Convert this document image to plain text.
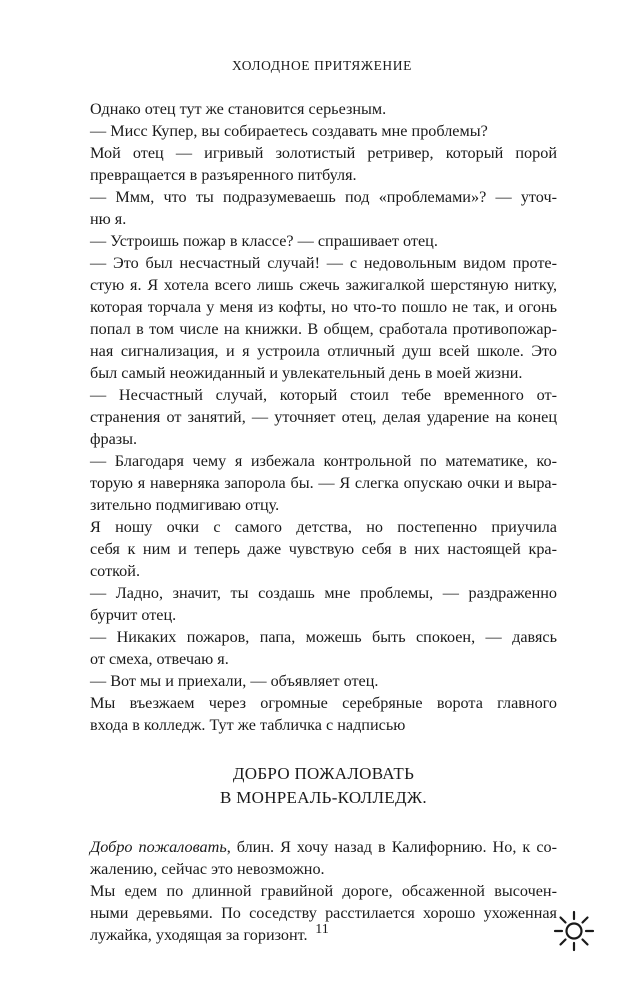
ХОЛОДНОЕ ПРИТЯЖЕНИЕ
Однако отец тут же становится серьезным.
— Мисс Купер, вы собираетесь создавать мне проблемы?
Мой отец — игривый золотистый ретривер, который порой
превращается в разъяренного питбуля.
— Ммм, что ты подразумеваешь под «проблемами»? — уточ-
ню я.
— Устроишь пожар в классе? — спрашивает отец.
— Это был несчастный случай! — с недовольным видом проте-
стую я. Я хотела всего лишь сжечь зажигалкой шерстяную нитку,
которая торчала у меня из кофты, но что-то пошло не так, и огонь
попал в том числе на книжки. В общем, сработала противопожар-
ная сигнализация, и я устроила отличный душ всей школе. Это
был самый неожиданный и увлекательный день в моей жизни.
— Несчастный случай, который стоил тебе временного от-
странения от занятий, — уточняет отец, делая ударение на конец
фразы.
— Благодаря чему я избежала контрольной по математике, ко-
торую я наверняка запорола бы. — Я слегка опускаю очки и выра-
зительно подмигиваю отцу.
Я ношу очки с самого детства, но постепенно приучила
себя к ним и теперь даже чувствую себя в них настоящей кра-
соткой.
— Ладно, значит, ты создашь мне проблемы, — раздраженно
бурчит отец.
— Никаких пожаров, папа, можешь быть спокоен, — давясь
от смеха, отвечаю я.
— Вот мы и приехали, — объявляет отец.
Мы въезжаем через огромные серебряные ворота главного
входа в колледж. Тут же табличка с надписью
ДОБРО ПОЖАЛОВАТЬ
В МОНРЕАЛЬ-КОЛЛЕДЖ.
Добро пожаловать, блин. Я хочу назад в Калифорнию. Но, к со-
жалению, сейчас это невозможно.
Мы едем по длинной гравийной дороге, обсаженной высочен-
ными деревьями. По соседству расстилается хорошо ухоженная
лужайка, уходящая за горизонт. 11
